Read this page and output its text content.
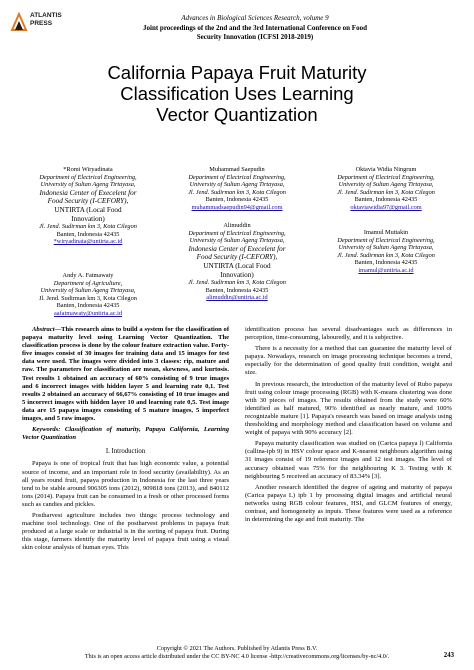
ATLANTIS
PRESS
Advances in Biological Sciences Research, volume 9
Joint proceedings of the 2nd and the 3rd International Conference on Food
Security Innovation (ICFSI 2018-2019)
California Papaya Fruit Maturity
Classification Uses Learning
Vector Quantization
*Romi Wiryadinata
Department of Electrical Engineering,
University of Sultan Ageng Tirtayasa,
Indonesia Center of Execelent for
Food Security (I-CEFORY),
UNTIRTA (Local Food
Innovation)
Jl. Jend. Sudirman km 3, Kota Cilegon
Banten, Indonesia 42435
*wiryadinata@untirta.ac.id
Muhammad Saepudin
Department of Electrical Engineering,
University of Sultan Ageng Tirtayasa,
Jl. Jend. Sudirman km 3, Kota Cilegon
Banten, Indonesia 42435
muhammadsaepudin94@gmail.com
Oktavia Widia Ningrum
Department of Electrical Engineering,
University of Sultan Ageng Tirtayasa,
Jl. Jend. Sudirman km 3, Kota Cilegon
Banten, Indonesia 42435
oktaviawidia97@gmail.com
Alimuddin
Department of Electrical Engineering,
University of Sultan Ageng Tirtayasa,
Indonesia Center of Execelent for
Food Security (I-CEFORY),
UNTIRTA (Local Food
Innovation)
Jl. Jend. Sudirman km 3, Kota Cilegon
Banten, Indonesia 42435
alimuddin@untirta.ac.id
Imamul Muttakin
Department of Electrical Engineering,
University of Sultan Ageng Tirtayasa,
Jl. Jend. Sudirman km 3, Kota Cilegon
Banten, Indonesia 42435
imamul@untirta.ac.id
Andy A. Fatmawaty
Department of Agriculture,
University of Sultan Ageng Tirtayasa,
Jl. Jend. Sudirman km 3, Kota Cilegon
Banten, Indonesia 42435
aafatmawaty@untirta.ac.id

Abstract—This research aims to build a system for the classification of papaya maturity level using Learning Vector Quantization. The classification process is done by the colour feature extraction value. Forty-five images consist of 30 images for training data and 15 images for test data were used. The images were divided into 3 classes: rip, mature and raw. The parameters for classification are mean, skewness, and kurtosis. Test results 1 obtained an accuracy of 60% consisting of 9 true images and 6 incorrect images with hidden layer 5 and learning rate 0,1. Test results 2 obtained an accuracy of 66,67% consisting of 10 true images and 5 incorrect images with hidden layer 10 and learning rate 0,5. Test image data are 15 papaya images consisting of 5 mature images, 5 imperfect images, and 5 raw images.

Keywords: Classification of maturity, Papaya California, Learning Vector Quantization

I. Introduction

Papaya is one of tropical fruit that has high economic value, a potential source of income, and an important role in food security (availability). As an all years round fruit, papaya production in Indonesia for the last three years tend to be stable around 906305 tons (2012), 909818 tons (2013), and 840112 tons (2014). Papaya fruit can be consumed in a fresh or other processed forms such as candies and pickles.

Postharvest agriculture includes two things: process technology and machine tool technology. One of the postharvest problems in papaya fruit produced at a large scale or industrial is in the sorting of papaya fruit. During this stage, farmers identify the maturity level of papaya fruit using a visual skin colour analysis of human eyes. This

identification process has several disadvantages such as differences in perception, time-consuming, labouredly, and it is subjective.

There is a necessity for a method that can guarantee the maturity level of papaya. Nowadays, research on image processing technique becomes a trend, especially for the determination of good quality fruit condition, weight and size.

In previous research, the introduction of the maturity level of Rubo papaya fruit using colour image processing (RGB) with K-means clustering was done with 30 pieces of images. The results obtained from the study were 60% identified as half matured, 90% identified as nearly mature, and 100% recognizable mature [1]. Papaya's research was based on image analysis using thresholding and morphology method and classification based on volume and weight of papaya with 90% accuracy [2].

Papaya maturity classification was studied on (Carica papaya l) California (callina-ipb 9) in HSV colour space and K-nearest neighbours algorithm using 31 images consist of 19 reference images and 12 test images. The level of accuracy obtained was 75% for the neighbouring K 3. Testing with K neighbouring 5 received an accuracy of 83.34% [3].

Another research identified the degree of ageing and maturity of papaya (Carica papaya L) ipb 1 by processing digital images and artificial neural networks using RGB colour features, HSI, and GLCM features of energy, contrast, and homogeneity as inputs. These features were used as a reference in determining the age and fruit maturity. The

Copyright © 2021 The Authors. Published by Atlantis Press B.V.
This is an open access article distributed under the CC BY-NC 4.0 license -http://creativecommons.org/licenses/by-nc/4.0/.	243
